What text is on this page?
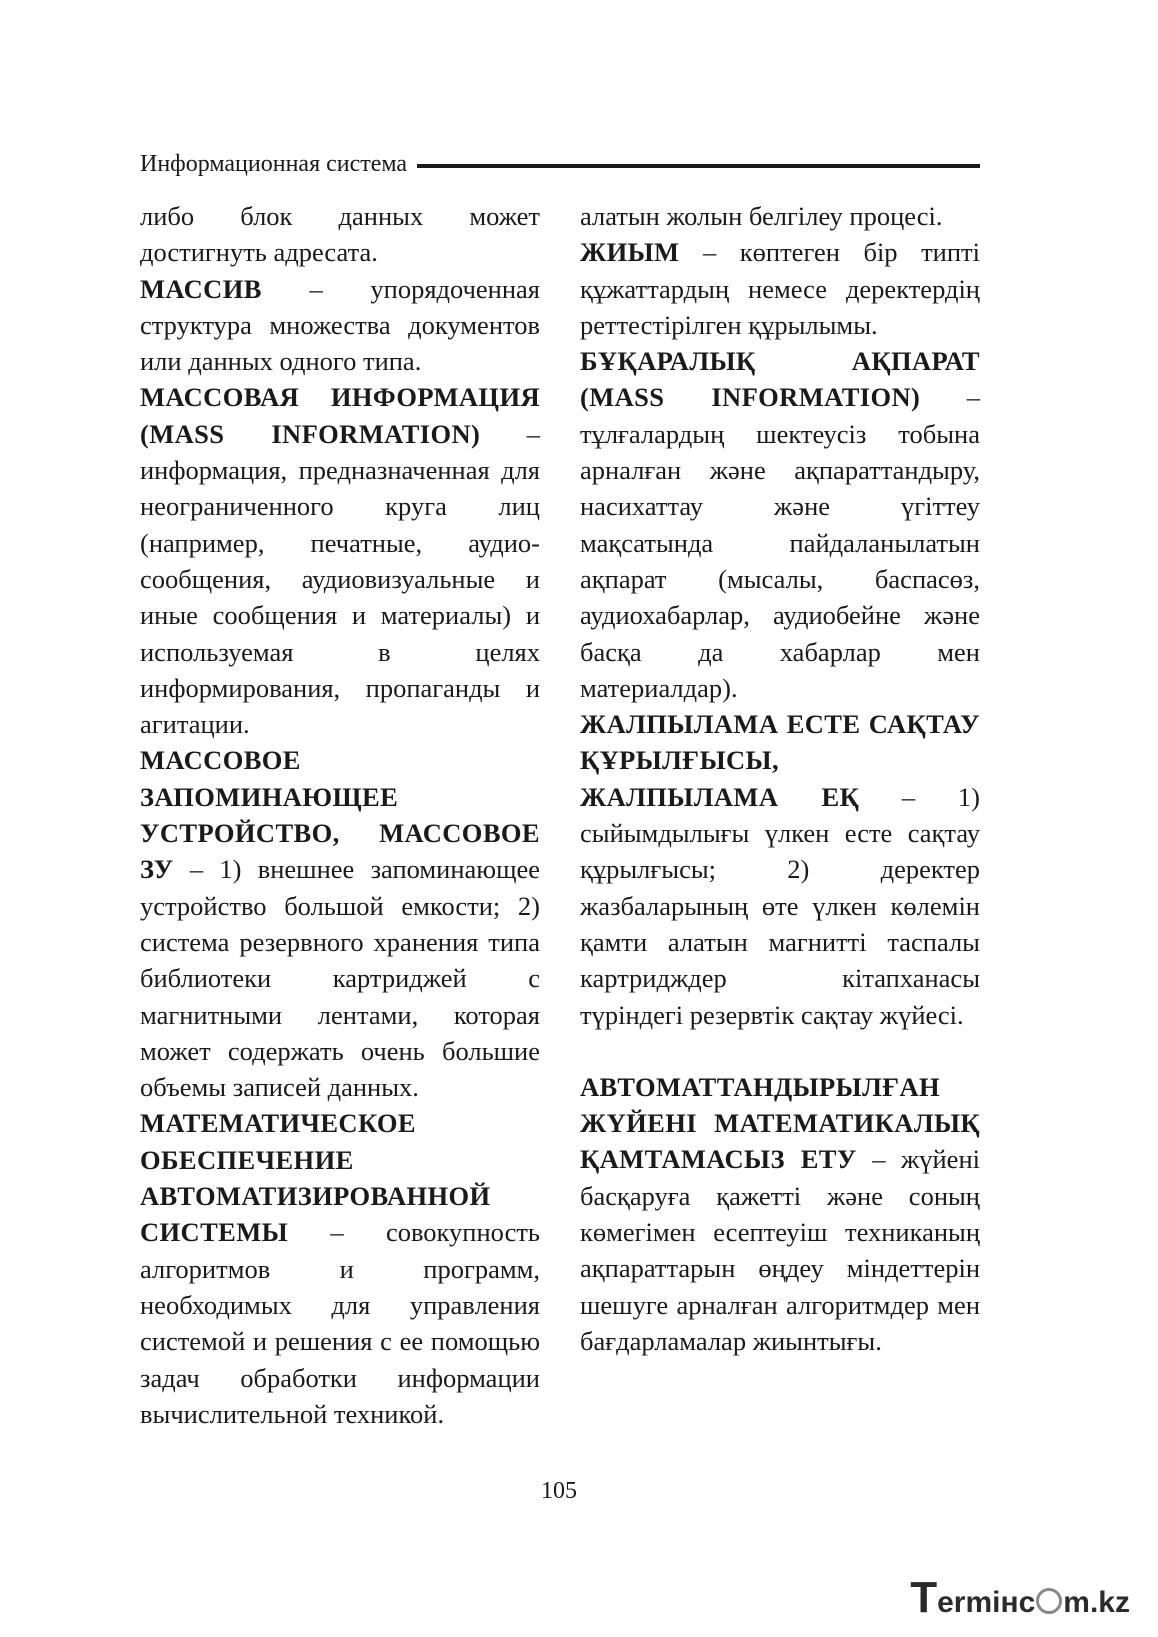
Информационная система

либо блок данных может достигнуть адресата.

МАССИВ – упорядоченная структура множества документов или данных одного типа.

МАССОВАЯ ИНФОРМАЦИЯ (MASS INFORMATION) – информация, предназначенная для неограниченного круга лиц (например, печатные, аудио-сообщения, аудиовизуальные и иные сообщения и материалы) и используемая в целях информирования, пропаганды и агитации.

МАССОВОЕ ЗАПОМИНАЮЩЕЕ УСТРОЙСТВО, МАССОВОЕ ЗУ – 1) внешнее запоминающее устройство большой емкости; 2) система резервного хранения типа библиотеки картриджей с магнитными лентами, которая может содержать очень большие объемы записей данных.

МАТЕМАТИЧЕСКОЕ ОБЕСПЕЧЕНИЕ АВТОМАТИЗИРОВАННОЙ СИСТЕМЫ – совокупность алгоритмов и программ, необходимых для управления системой и решения с ее помощью задач обработки информации вычислительной техникой.

алатын жолын белгілеу процесі.

ЖИЫМ – көптеген бір типті құжаттардың немесе деректердің реттестірілген құрылымы.

БҰҚАРАЛЫҚ АҚПАРАТ (MASS INFORMATION) – тұлғалардың шектеусіз тобына арналған және ақпараттандыру, насихаттау және үгіттеу мақсатында пайдаланылатын ақпарат (мысалы, баспасөз, аудиохабарлар, аудиобейне және басқа да хабарлар мен материалдар).

ЖАЛПЫЛАМА ЕСТЕ САҚТАУ ҚҰРЫЛҒЫСЫ, ЖАЛПЫЛАМА ЕҚ – 1) сыйымдылығы үлкен есте сақтау құрылғысы; 2) деректер жазбаларының өте үлкен көлемін қамти алатын магнитті таспалы картридждер кітапханасы түріндегі резервтік сақтау жүйесі.

АВТОМАТТАНДЫРЫЛҒАН ЖҮЙЕНІ МАТЕМАТИКАЛЫҚ ҚАМТАМАСЫЗ ЕТУ – жүйені басқаруға қажетті және соның көмегімен есептеуіш техниканың ақпараттарын өңдеу міндеттерін шешуге арналған алгоритмдер мен бағдарламалар жиынтығы.

105
T ermінc m.kz
